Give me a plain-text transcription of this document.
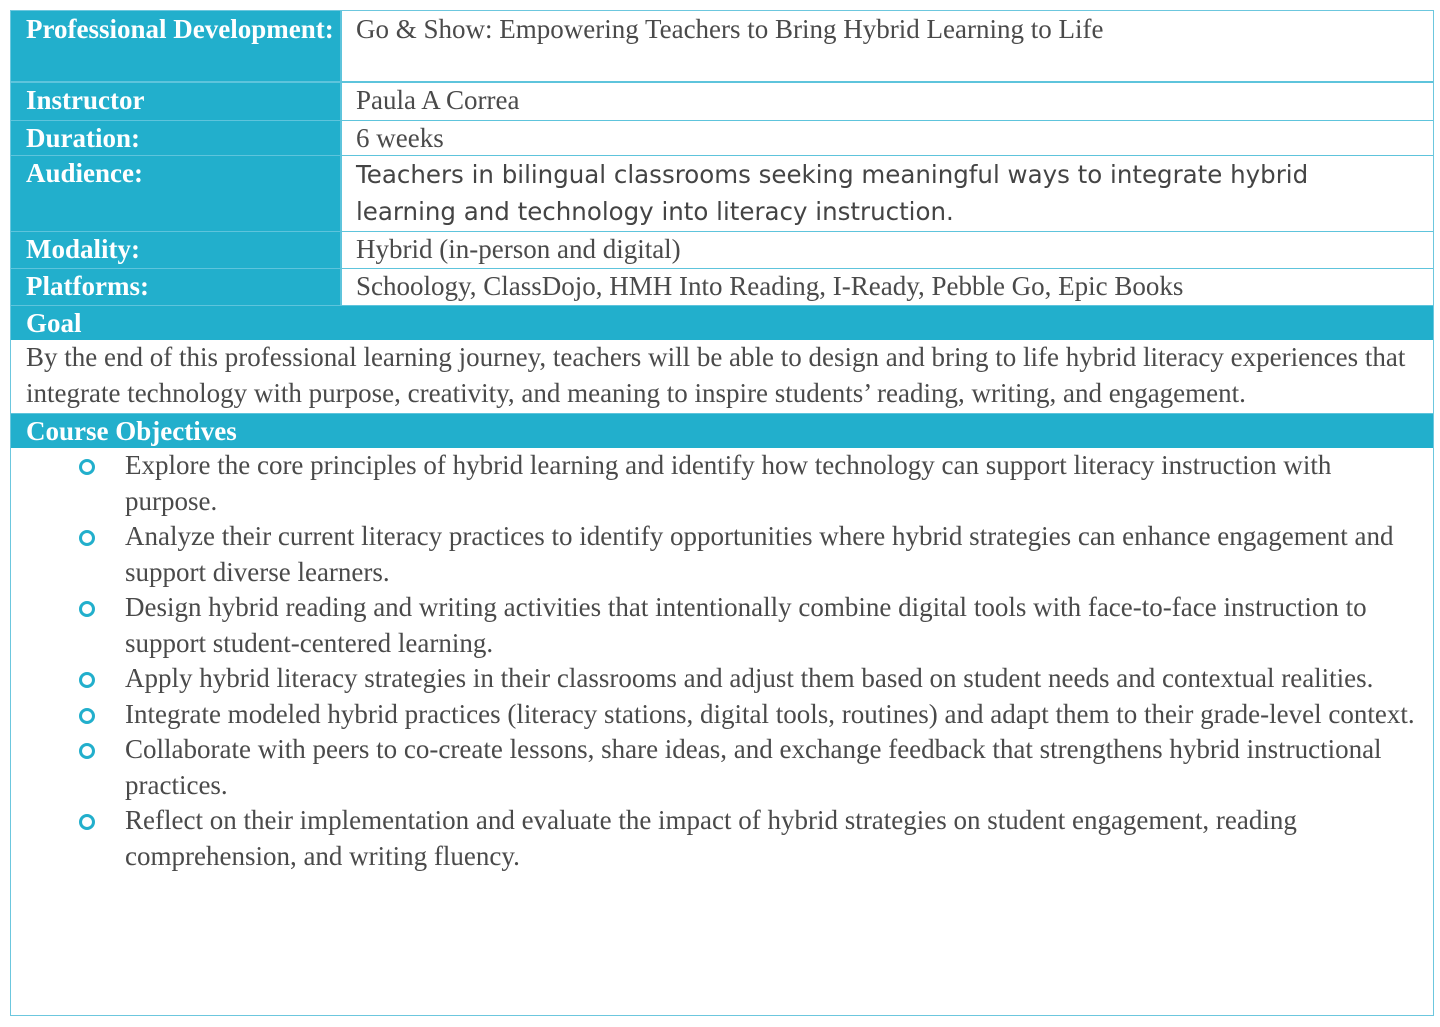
Professional Development: Go & Show: Empowering Teachers to Bring Hybrid Learning to Life
Instructor	Paula A Correa
Duration:	6 weeks
Audience:	Teachers in bilingual classrooms seeking meaningful ways to integrate hybrid learning and technology into literacy instruction.
Modality:	Hybrid (in-person and digital)
Platforms:	Schoology, ClassDojo, HMH Into Reading, I-Ready, Pebble Go, Epic Books
Goal
By the end of this professional learning journey, teachers will be able to design and bring to life hybrid literacy experiences that integrate technology with purpose, creativity, and meaning to inspire students’ reading, writing, and engagement.
Course Objectives
Explore the core principles of hybrid learning and identify how technology can support literacy instruction with purpose.
Analyze their current literacy practices to identify opportunities where hybrid strategies can enhance engagement and support diverse learners.
Design hybrid reading and writing activities that intentionally combine digital tools with face-to-face instruction to support student-centered learning.
Apply hybrid literacy strategies in their classrooms and adjust them based on student needs and contextual realities.
Integrate modeled hybrid practices (literacy stations, digital tools, routines) and adapt them to their grade-level context.
Collaborate with peers to co-create lessons, share ideas, and exchange feedback that strengthens hybrid instructional practices.
Reflect on their implementation and evaluate the impact of hybrid strategies on student engagement, reading comprehension, and writing fluency.
